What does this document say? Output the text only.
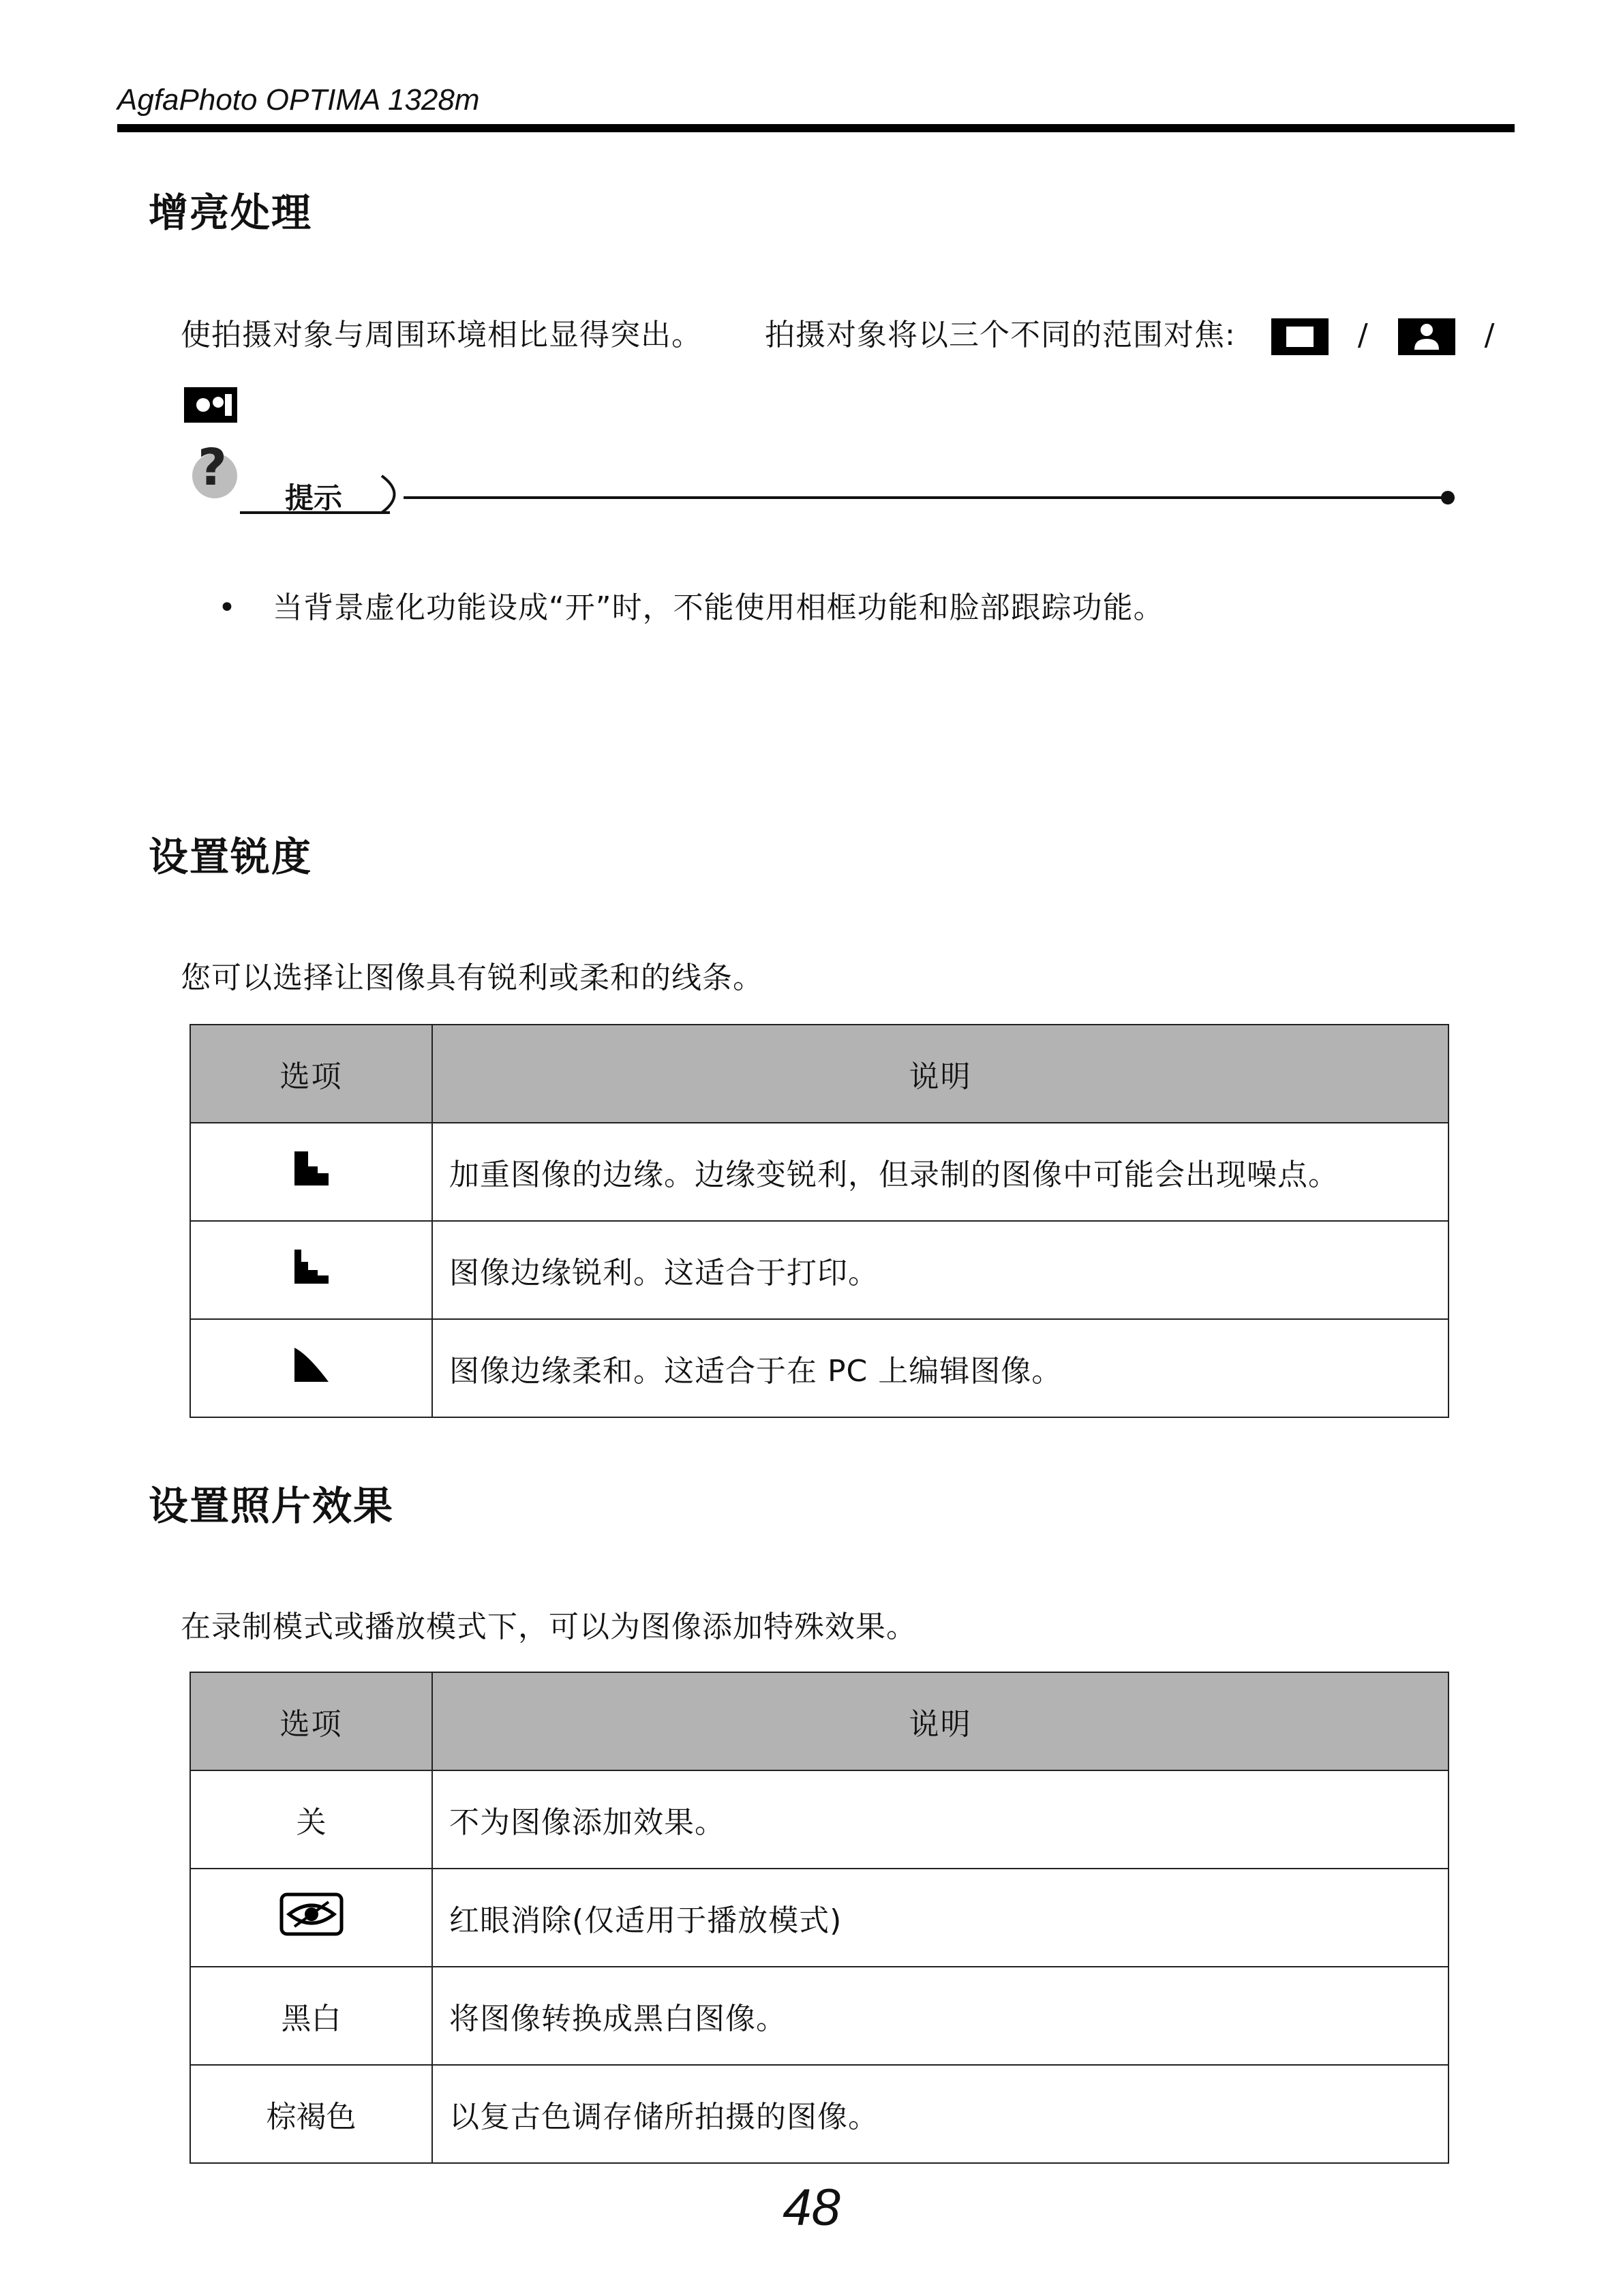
AgfaPhoto OPTIMA 1328m
增亮处理
使拍摄对象与周围环境相比显得突出。 拍摄对象将以三个不同的范围对焦:	/	/
?
提示
• 当背景虚化功能设成“开”时，不能使用相框功能和脸部跟踪功能。
设置锐度
您可以选择让图像具有锐利或柔和的线条。
选项	说明
	加重图像的边缘。边缘变锐利，但录制的图像中可能会出现噪点。
	图像边缘锐利。这适合于打印。
	图像边缘柔和。这适合于在 PC 上编辑图像。
设置照片效果
在录制模式或播放模式下，可以为图像添加特殊效果。
选项	说明
关	不为图像添加效果。
	红眼消除(仅适用于播放模式)
黑白	将图像转换成黑白图像。
棕褐色	以复古色调存储所拍摄的图像。
48
